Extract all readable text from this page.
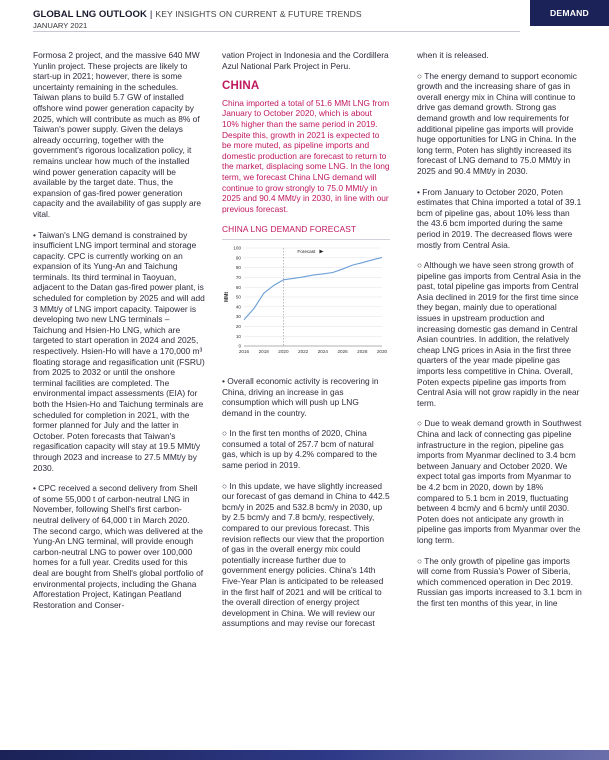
GLOBAL LNG OUTLOOK | KEY INSIGHTS ON CURRENT & FUTURE TRENDS
JANUARY 2021
DEMAND

Formosa 2 project, and the massive 640 MW Yunlin project. These projects are likely to start-up in 2021; however, there is some uncertainty remaining in the schedules. Taiwan plans to build 5.7 GW of installed offshore wind power generation capacity by 2025, which will contribute as much as 8% of Taiwan's power supply. Given the delays already occurring, together with the government's rigorous localization policy, it remains unclear how much of the installed wind power generation capacity will be available by the target date. Thus, the expansion of gas-fired power generation capacity and the availability of gas supply are vital.

• Taiwan's LNG demand is constrained by insufficient LNG import terminal and storage capacity. CPC is currently working on an expansion of its Yung-An and Taichung terminals. Its third terminal in Taoyuan, adjacent to the Datan gas-fired power plant, is scheduled for completion by 2025 and will add 3 MMt/y of LNG import capacity. Taipower is developing two new LNG terminals – Taichung and Hsien-Ho LNG, which are targeted to start operation in 2024 and 2025, respectively. Hsien-Ho will have a 170,000 m³ floating storage and regasification unit (FSRU) from 2025 to 2032 or until the onshore terminal facilities are completed. The environmental impact assessments (EIA) for both the Hsien-Ho and Taichung terminals are scheduled for completion in 2021, with the former planned for July and the latter in October. Poten forecasts that Taiwan's regasification capacity will stay at 19.5 MMt/y through 2023 and increase to 27.5 MMt/y by 2030.

• CPC received a second delivery from Shell of some 55,000 t of carbon-neutral LNG in November, following Shell's first carbon-neutral delivery of 64,000 t in March 2020. The second cargo, which was delivered at the Yung-An LNG terminal, will provide enough carbon-neutral LNG to power over 100,000 homes for a full year. Credits used for this deal are bought from Shell's global portfolio of environmental projects, including the Ghana Afforestation Project, Katingan Peatland Restoration and Conser-

vation Project in Indonesia and the Cordillera Azul National Park Project in Peru.

CHINA
China imported a total of 51.6 MMt LNG from January to October 2020, which is about 10% higher than the same period in 2019. Despite this, growth in 2021 is expected to be more muted, as pipeline imports and domestic production are forecast to return to the market, displacing some LNG. In the long term, we forecast China LNG demand will continue to grow strongly to 75.0 MMt/y in 2025 and 90.4 MMt/y in 2030, in line with our previous forecast.
CHINA LNG DEMAND FORECAST
0
10
20
30
40
50
60
70
80
90
100
2016 2018 2020 2022 2024 2026 2028 2030
MMt
Forecast

• Overall economic activity is recovering in China, driving an increase in gas consumption which will push up LNG demand in the country.

○ In the first ten months of 2020, China consumed a total of 257.7 bcm of natural gas, which is up by 4.2% compared to the same period in 2019.

○ In this update, we have slightly increased our forecast of gas demand in China to 442.5 bcm/y in 2025 and 532.8 bcm/y in 2030, up by 2.5 bcm/y and 7.8 bcm/y, respectively, compared to our previous forecast. This revision reflects our view that the proportion of gas in the overall energy mix could potentially increase further due to government energy policies. China's 14th Five-Year Plan is anticipated to be released in the first half of 2021 and will be critical to the overall direction of energy project development in China. We will review our assumptions and may revise our forecast

when it is released.

○ The energy demand to support economic growth and the increasing share of gas in overall energy mix in China will continue to drive gas demand growth. Strong gas demand growth and low requirements for additional pipeline gas imports will provide huge opportunities for LNG in China. In the long term, Poten has slightly increased its forecast of LNG demand to 75.0 MMt/y in 2025 and 90.4 MMt/y in 2030.

• From January to October 2020, Poten estimates that China imported a total of 39.1 bcm of pipeline gas, about 10% less than the 43.6 bcm imported during the same period in 2019. The decreased flows were mostly from Central Asia.

○ Although we have seen strong growth of pipeline gas imports from Central Asia in the past, total pipeline gas imports from Central Asia declined in 2019 for the first time since they began, mainly due to operational issues in upstream production and increasing domestic gas demand in Central Asian countries. In addition, the relatively cheap LNG prices in Asia in the first three quarters of the year made pipeline gas imports less competitive in China. Overall, Poten expects pipeline gas imports from Central Asia will not grow rapidly in the near term.

○ Due to weak demand growth in Southwest China and lack of connecting gas pipeline infrastructure in the region, pipeline gas imports from Myanmar declined to 3.4 bcm between January and October 2020. We expect total gas imports from Myanmar to be 4.2 bcm in 2020, down by 18% compared to 5.1 bcm in 2019, fluctuating between 4 bcm/y and 6 bcm/y until 2030. Poten does not anticipate any growth in pipeline gas imports from Myanmar over the long term.

○ The only growth of pipeline gas imports will come from Russia's Power of Siberia, which commenced operation in Dec 2019. Russian gas imports increased to 3.1 bcm in the first ten months of this year, in line
